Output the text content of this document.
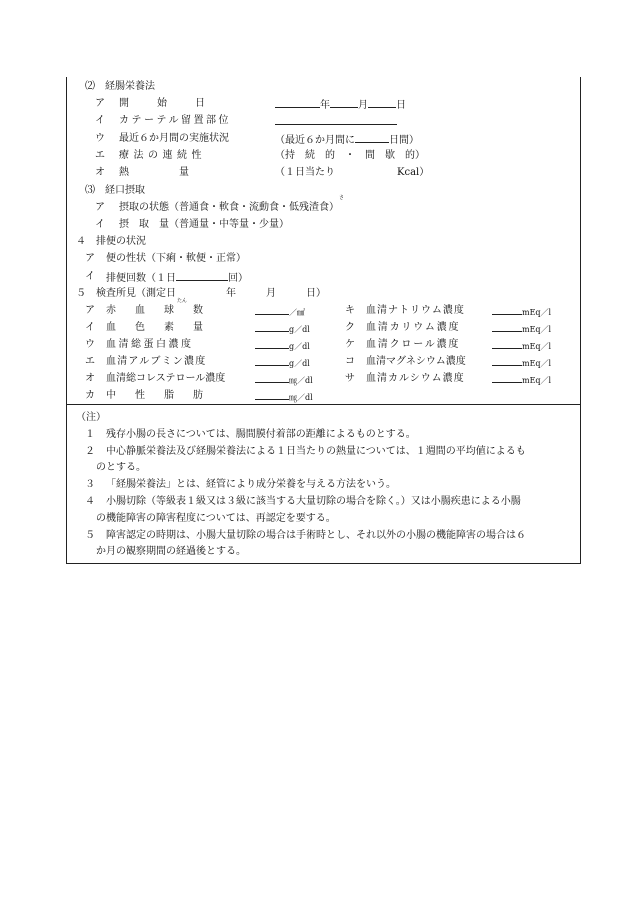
⑵　経腸栄養法
ア 開　始　日	年	月	日
イ カテーテル留置部位
ウ 最近６か月間の実施状況	（最近６か月間に	日間）
エ 療法の連続性	（持　続　的　・　間　歇　的）
オ 熱　　　　　量	（１日当たり	Kcal）
⑶　経口摂取
さ
ア 摂取の状態（普通食・軟食・流動食・低残渣食）
イ 摂　取　量（普通量・中等量・少量）
４　排便の状況
ア 便の性状（下痢・軟便・正常）
イ 排便回数（１日	回）
５　検査所見（測定日　　　　　年　　　月　　　日）
たん
ア 赤　血　球　数	／㎣
イ 血　色　素　量	g／dl
ウ 血清総蛋白濃度	g／dl
エ 血清アルブミン濃度	g／dl
オ 血清総コレステロール濃度	㎎／dl
カ 中　性　脂　肪	㎎／dl
キ 血清ナトリウム濃度	mEq／l
ク 血清カリウム濃度	mEq／l
ケ 血清クロール濃度	mEq／l
コ 血清マグネシウム濃度	mEq／l
サ 血清カルシウム濃度	mEq／l
（注）
１ 残存小腸の長さについては、腸間膜付着部の距離によるものとする。
２ 中心静脈栄養法及び経腸栄養法による１日当たりの熱量については、１週間の平均値によるも
のとする。
３ 「経腸栄養法」とは、経管により成分栄養を与える方法をいう。
４ 小腸切除（等級表１級又は３級に該当する大量切除の場合を除く。）又は小腸疾患による小腸
の機能障害の障害程度については、再認定を要する。
５ 障害認定の時期は、小腸大量切除の場合は手術時とし、それ以外の小腸の機能障害の場合は６
か月の観察期間の経過後とする。
